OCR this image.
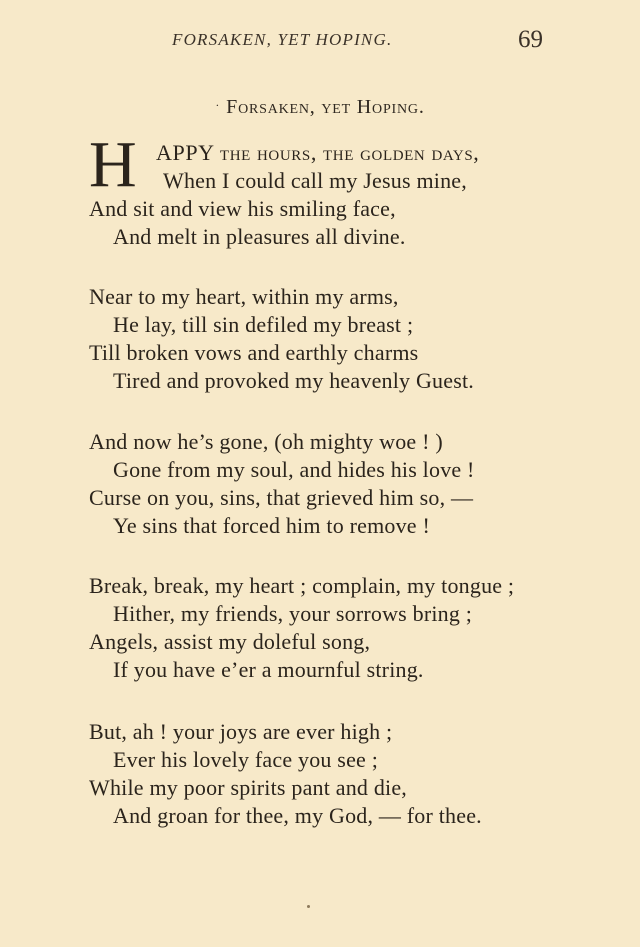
FORSAKEN, YET HOPING.	69
· Forsaken, yet Hoping.
H APPY the hours, the golden days,
When I could call my Jesus mine,
And sit and view his smiling face,
And melt in pleasures all divine.
Near to my heart, within my arms,
He lay, till sin defiled my breast ;
Till broken vows and earthly charms
Tired and provoked my heavenly Guest.
And now he’s gone, (oh mighty woe ! )
Gone from my soul, and hides his love !
Curse on you, sins, that grieved him so, —
Ye sins that forced him to remove !
Break, break, my heart ; complain, my tongue ;
Hither, my friends, your sorrows bring ;
Angels, assist my doleful song,
If you have e’er a mournful string.
But, ah ! your joys are ever high ;
Ever his lovely face you see ;
While my poor spirits pant and die,
And groan for thee, my God, — for thee.
